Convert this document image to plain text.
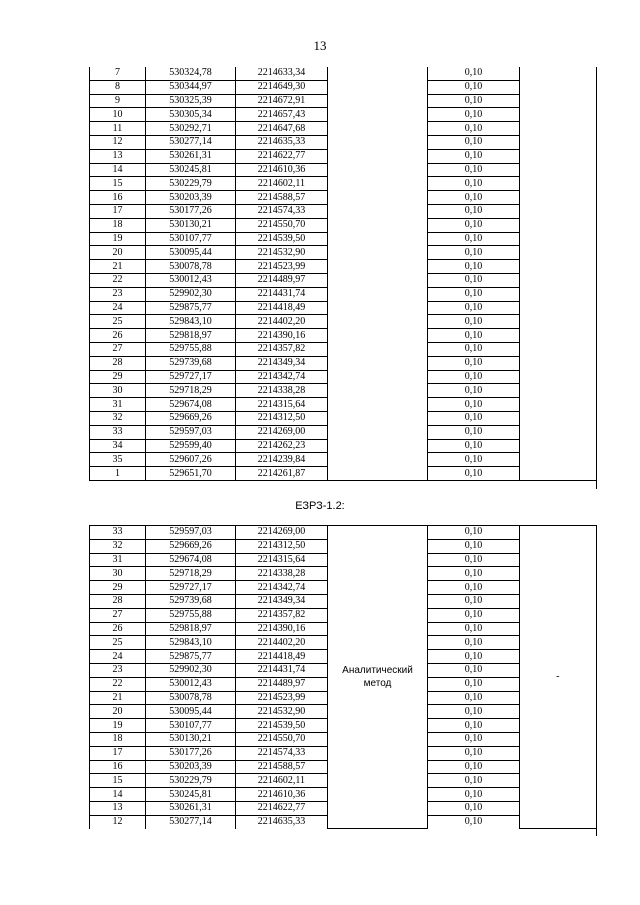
13
7	530324,78	2214633,34		0,10	
8	530344,97	2214649,30		0,10	
9	530325,39	2214672,91		0,10	
10	530305,34	2214657,43		0,10	
11	530292,71	2214647,68		0,10	
12	530277,14	2214635,33		0,10	
13	530261,31	2214622,77		0,10	
14	530245,81	2214610,36		0,10	
15	530229,79	2214602,11		0,10	
16	530203,39	2214588,57		0,10	
17	530177,26	2214574,33		0,10	
18	530130,21	2214550,70		0,10	
19	530107,77	2214539,50		0,10	
20	530095,44	2214532,90		0,10	
21	530078,78	2214523,99		0,10	
22	530012,43	2214489,97		0,10	
23	529902,30	2214431,74		0,10	
24	529875,77	2214418,49		0,10	
25	529843,10	2214402,20		0,10	
26	529818,97	2214390,16		0,10	
27	529755,88	2214357,82		0,10	
28	529739,68	2214349,34		0,10	
29	529727,17	2214342,74		0,10	
30	529718,29	2214338,28		0,10	
31	529674,08	2214315,64		0,10	
32	529669,26	2214312,50		0,10	
33	529597,03	2214269,00		0,10	
34	529599,40	2214262,23		0,10	
35	529607,26	2214239,84		0,10	
1	529651,70	2214261,87		0,10	
ЕЗРЗ-1.2:
33	529597,03	2214269,00	Аналитический метод	0,10	-
32	529669,26	2214312,50		0,10	
31	529674,08	2214315,64		0,10	
30	529718,29	2214338,28		0,10	
29	529727,17	2214342,74		0,10	
28	529739,68	2214349,34		0,10	
27	529755,88	2214357,82		0,10	
26	529818,97	2214390,16		0,10	
25	529843,10	2214402,20		0,10	
24	529875,77	2214418,49		0,10	
23	529902,30	2214431,74		0,10	
22	530012,43	2214489,97		0,10	
21	530078,78	2214523,99		0,10	
20	530095,44	2214532,90		0,10	
19	530107,77	2214539,50		0,10	
18	530130,21	2214550,70		0,10	
17	530177,26	2214574,33		0,10	
16	530203,39	2214588,57		0,10	
15	530229,79	2214602,11		0,10	
14	530245,81	2214610,36		0,10	
13	530261,31	2214622,77		0,10	
12	530277,14	2214635,33		0,10	
